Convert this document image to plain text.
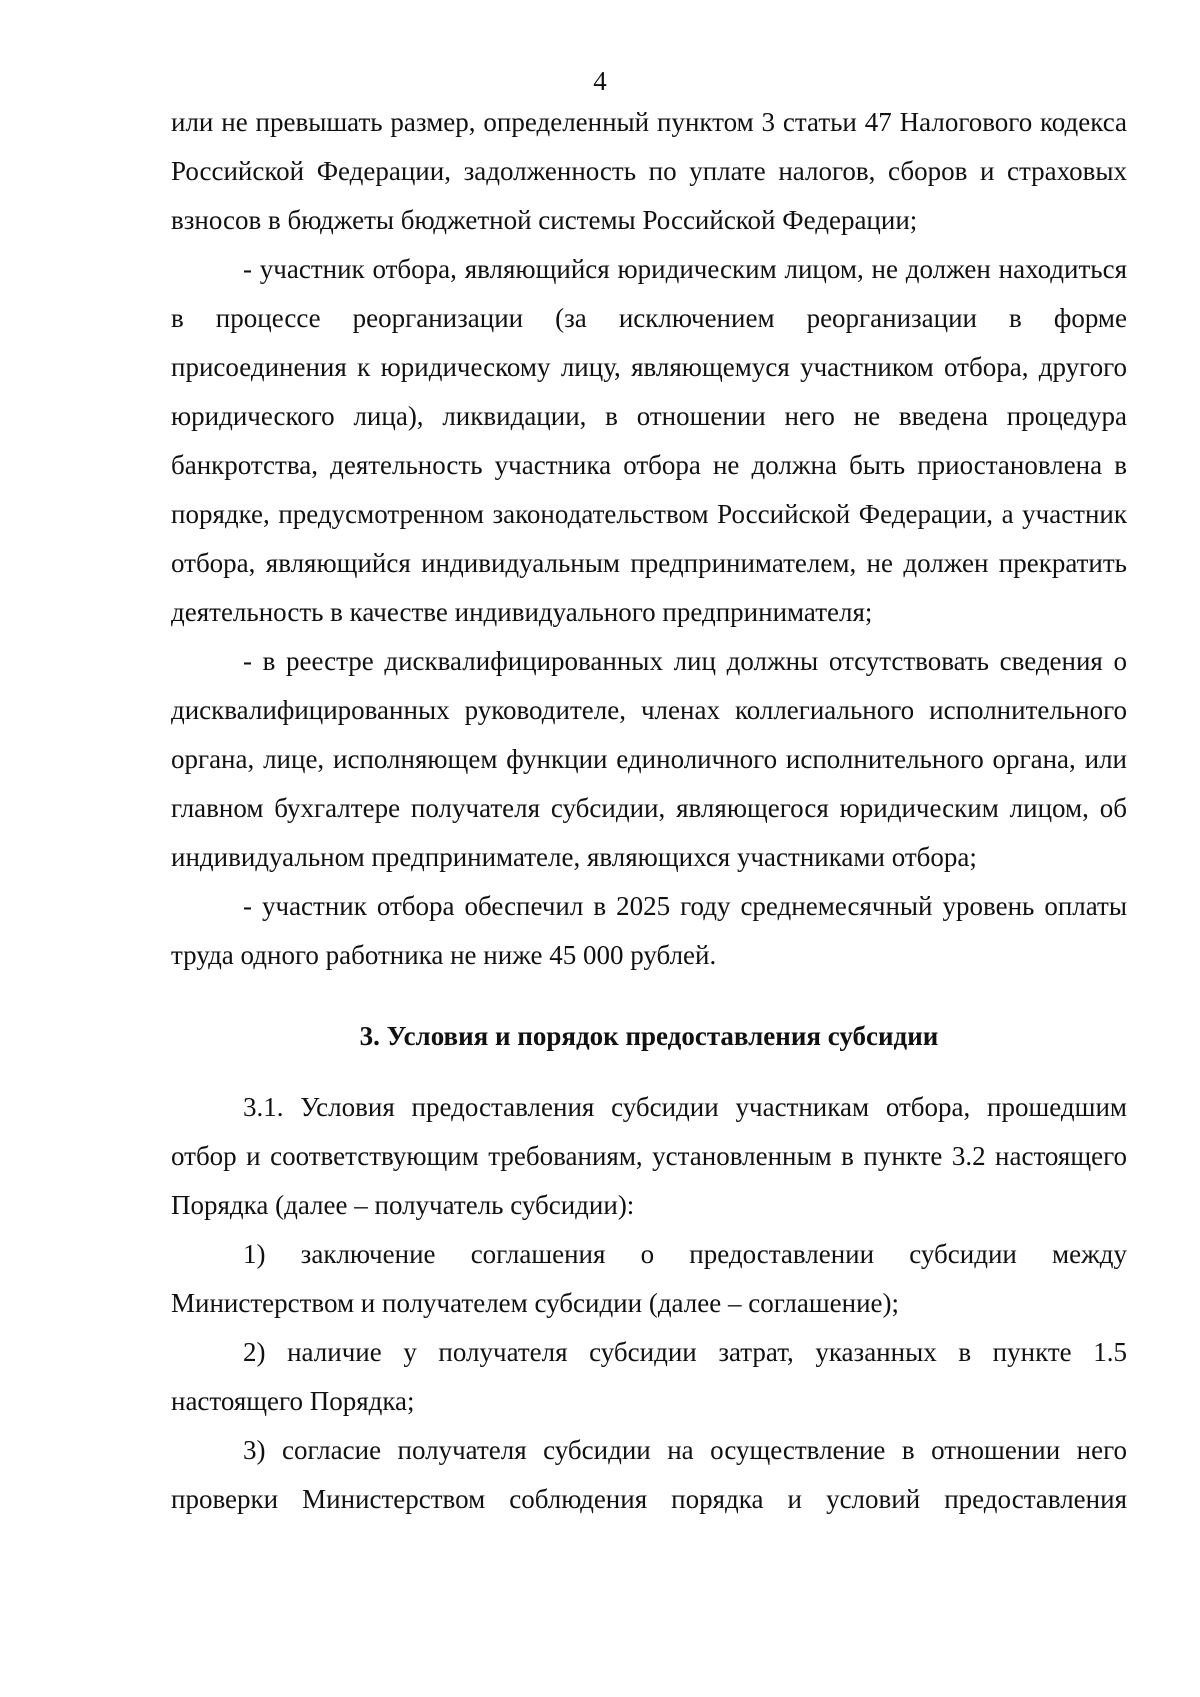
4

или не превышать размер, определенный пунктом 3 статьи 47 Налогового кодекса Российской Федерации, задолженность по уплате налогов, сборов и страховых взносов в бюджеты бюджетной системы Российской Федерации;

- участник отбора, являющийся юридическим лицом, не должен находиться в процессе реорганизации (за исключением реорганизации в форме присоединения к юридическому лицу, являющемуся участником отбора, другого юридического лица), ликвидации, в отношении него не введена процедура банкротства, деятельность участника отбора не должна быть приостановлена в порядке, предусмотренном законодательством Российской Федерации, а участник отбора, являющийся индивидуальным предпринимателем, не должен прекратить деятельность в качестве индивидуального предпринимателя;

- в реестре дисквалифицированных лиц должны отсутствовать сведения о дисквалифицированных руководителе, членах коллегиального исполнительного органа, лице, исполняющем функции единоличного исполнительного органа, или главном бухгалтере получателя субсидии, являющегося юридическим лицом, об индивидуальном предпринимателе, являющихся участниками отбора;

- участник отбора обеспечил в 2025 году среднемесячный уровень оплаты труда одного работника не ниже 45 000 рублей.

3. Условия и порядок предоставления субсидии

3.1. Условия предоставления субсидии участникам отбора, прошедшим отбор и соответствующим требованиям, установленным в пункте 3.2 настоящего Порядка (далее – получатель субсидии):

1) заключение соглашения о предоставлении субсидии между Министерством и получателем субсидии (далее – соглашение);

2) наличие у получателя субсидии затрат, указанных в пункте 1.5 настоящего Порядка;

3) согласие получателя субсидии на осуществление в отношении него проверки Министерством соблюдения порядка и условий предоставления
